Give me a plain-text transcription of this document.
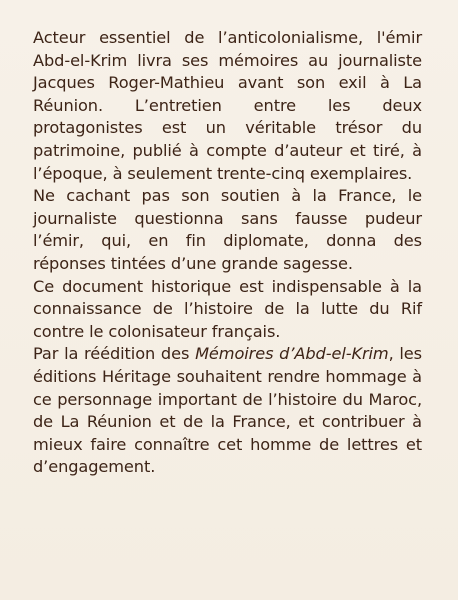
Acteur essentiel de l’anticolonialisme, l'émir Abd-el-Krim livra ses mémoires au journaliste Jacques Roger-Mathieu avant son exil à La Réunion. L’entretien entre les deux protagonistes est un véritable trésor du patrimoine, publié à compte d’auteur et tiré, à l’époque, à seulement trente-cinq exemplaires.

Ne cachant pas son soutien à la France, le journaliste questionna sans fausse pudeur l’émir, qui, en fin diplomate, donna des réponses tintées d’une grande sagesse.

Ce document historique est indispensable à la connaissance de l’histoire de la lutte du Rif contre le colonisateur français.

Par la réédition des Mémoires d’Abd-el-Krim, les éditions Héritage souhaitent rendre hommage à ce personnage important de l’histoire du Maroc, de La Réunion et de la France, et contribuer à mieux faire connaître cet homme de lettres et d’engagement.
